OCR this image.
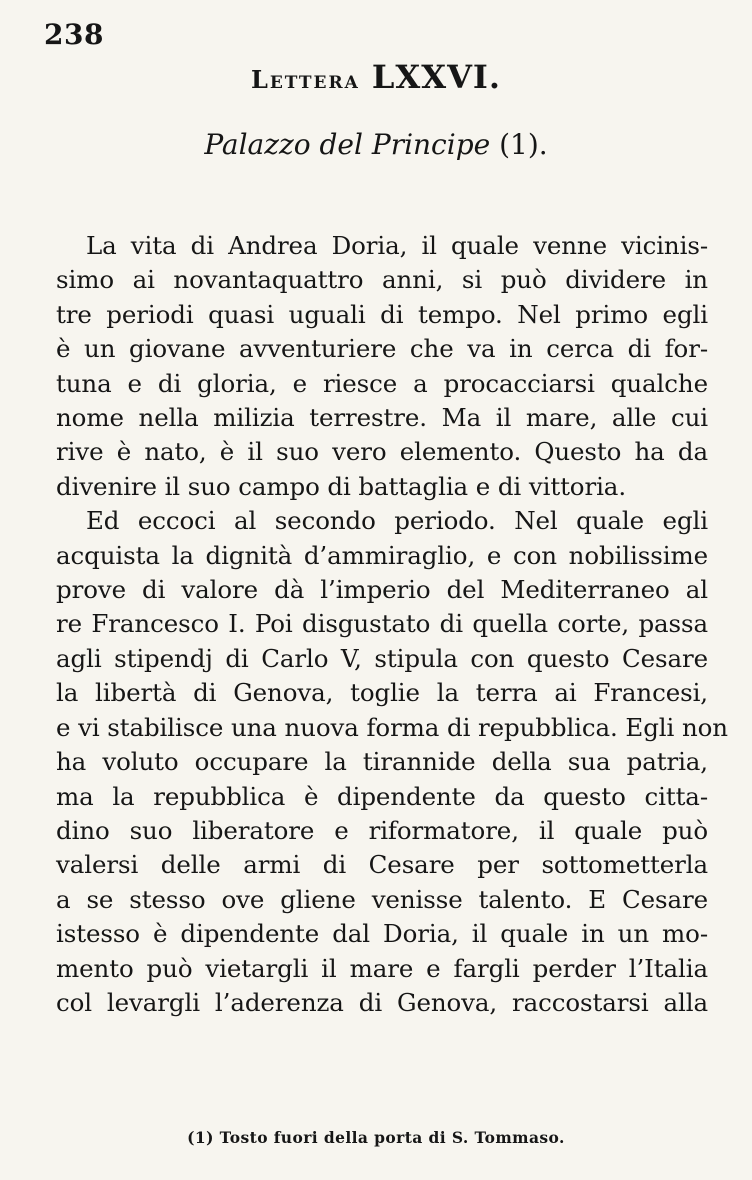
238
Lettera LXXVI.
Palazzo del Principe (1).
La vita di Andrea Doria, il quale venne vicinis-
simo ai novantaquattro anni, si può dividere in
tre periodi quasi uguali di tempo. Nel primo egli
è un giovane avventuriere che va in cerca di for-
tuna e di gloria, e riesce a procacciarsi qualche
nome nella milizia terrestre. Ma il mare, alle cui
rive è nato, è il suo vero elemento. Questo ha da
divenire il suo campo di battaglia e di vittoria.
Ed eccoci al secondo periodo. Nel quale egli
acquista la dignità d’ammiraglio, e con nobilissime
prove di valore dà l’imperio del Mediterraneo al
re Francesco I. Poi disgustato di quella corte, passa
agli stipendj di Carlo V, stipula con questo Cesare
la libertà di Genova, toglie la terra ai Francesi,
e vi stabilisce una nuova forma di repubblica. Egli non
ha voluto occupare la tirannide della sua patria,
ma la repubblica è dipendente da questo citta-
dino suo liberatore e riformatore, il quale può
valersi delle armi di Cesare per sottometterla
a se stesso ove gliene venisse talento. E Cesare
istesso è dipendente dal Doria, il quale in un mo-
mento può vietargli il mare e fargli perder l’Italia
col levargli l’aderenza di Genova, raccostarsi alla
(1) Tosto fuori della porta di S. Tommaso.
